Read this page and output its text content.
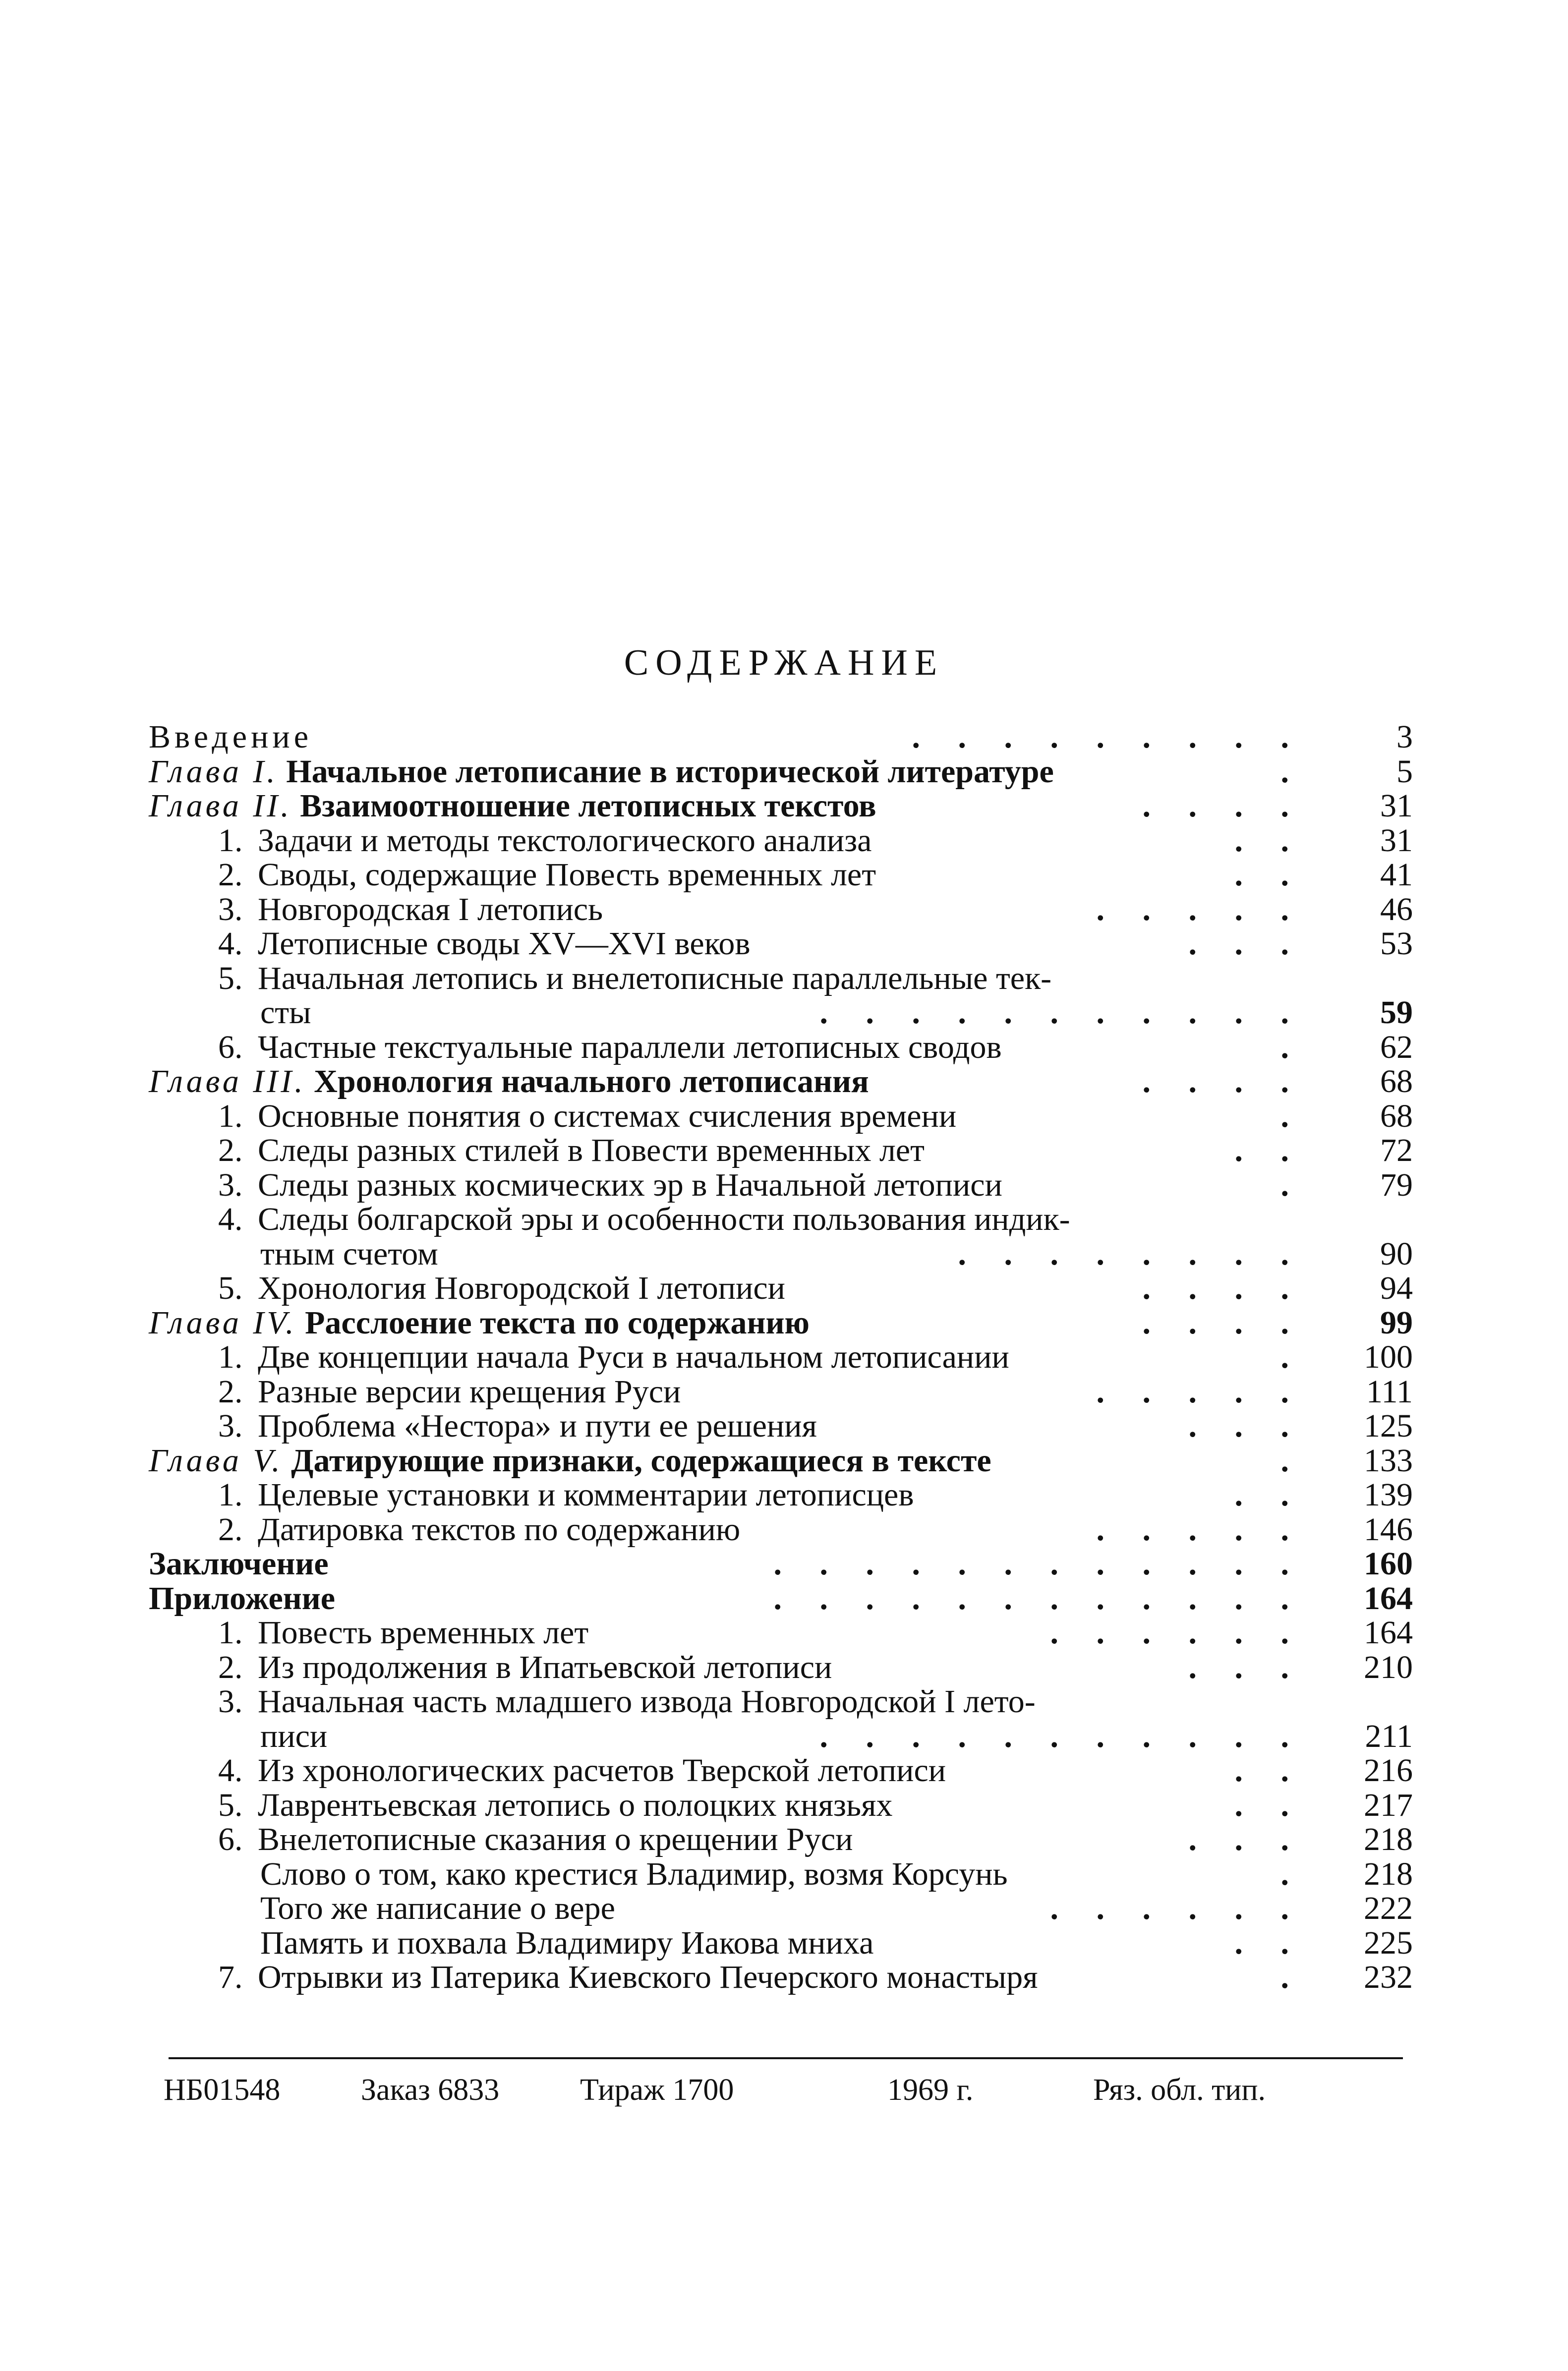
СОДЕРЖАНИЕ
Введение	. . . . . . . . .	3
Глава I. Начальное летописание в исторической литературе	.	5
Глава II. Взаимоотношение летописных текстов	. . . .	31
1. Задачи и методы текстологического анализа	. .	31
2. Своды, содержащие Повесть временных лет	. .	41
3. Новгородская I летопись	. . . . .	46
4. Летописные своды XV—XVI веков	. . .	53
5. Начальная летопись и внелетописные параллельные тек-
сты	. . . . . . . . . . .	59
6. Частные текстуальные параллели летописных сводов	.	62
Глава III. Хронология начального летописания	. . . .	68
1. Основные понятия о системах счисления времени	.	68
2. Следы разных стилей в Повести временных лет	. .	72
3. Следы разных космических эр в Начальной летописи	.	79
4. Следы болгарской эры и особенности пользования индик-
тным счетом	. . . . . . . .	90
5. Хронология Новгородской I летописи	. . . .	94
Глава IV. Расслоение текста по содержанию	. . . .	99
1. Две концепции начала Руси в начальном летописании	.	100
2. Разные версии крещения Руси	. . . . .	111
3. Проблема «Нестора» и пути ее решения	. . .	125
Глава V. Датирующие признаки, содержащиеся в тексте	.	133
1. Целевые установки и комментарии летописцев	. .	139
2. Датировка текстов по содержанию	. . . . .	146
Заключение	. . . . . . . . . . . .	160
Приложение	. . . . . . . . . . . .	164
1. Повесть временных лет	. . . . . .	164
2. Из продолжения в Ипатьевской летописи	. . .	210
3. Начальная часть младшего извода Новгородской I лето-
писи	. . . . . . . . . . .	211
4. Из хронологических расчетов Тверской летописи	. .	216
5. Лаврентьевская летопись о полоцких князьях	. .	217
6. Внелетописные сказания о крещении Руси	. . .	218
Слово о том, како крестися Владимир, возмя Корсунь	.	218
Того же написание о вере	. . . . . .	222
Память и похвала Владимиру Иакова мниха	. .	225
7. Отрывки из Патерика Киевского Печерского монастыря	.	232
НБ01548	Заказ 6833	Тираж 1700	1969 г.	Ряз. обл. тип.
